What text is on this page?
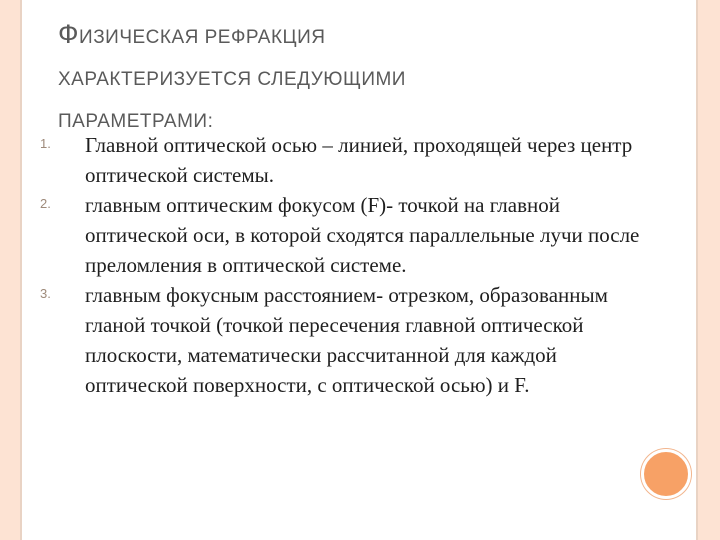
ФИЗИЧЕСКАЯ РЕФРАКЦИЯ
ХАРАКТЕРИЗУЕТСЯ СЛЕДУЮЩИМИ
ПАРАМЕТРАМИ:
1. Главной оптической осью – линией, проходящей через центр оптической системы.
2. главным оптическим фокусом (F)- точкой на главной оптической оси, в которой сходятся параллельные лучи после преломления в оптической системе.
3. главным фокусным расстоянием- отрезком, образованным гланой точкой (точкой пересечения главной оптической плоскости, математически рассчитанной для каждой оптической поверхности, с оптической осью) и F.
